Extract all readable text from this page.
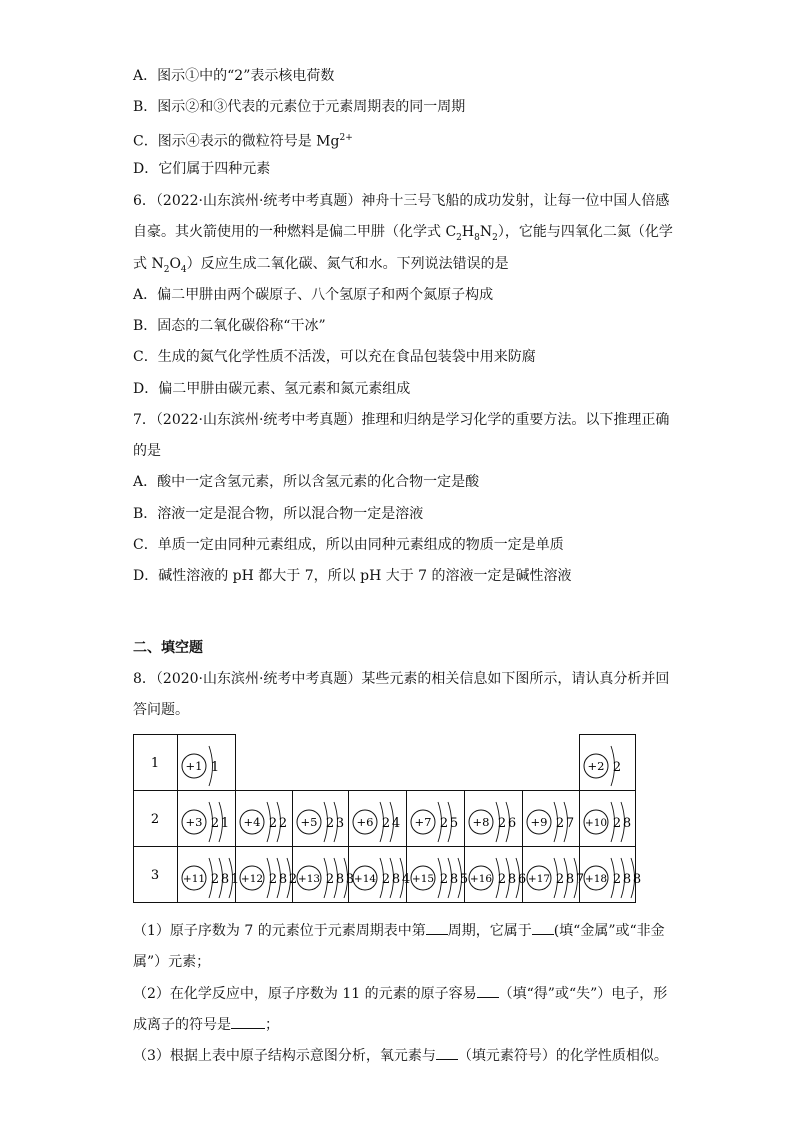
A．图示①中的“2”表示核电荷数
B．图示②和③代表的元素位于元素周期表的同一周期
C．图示④表示的微粒符号是 $Mg^{2+}$
D．它们属于四种元素
6．（2022·山东滨州·统考中考真题）神舟十三号飞船的成功发射，让每一位中国人倍感
自豪。其火箭使用的一种燃料是偏二甲肼（化学式 $C_2H_8N_2$），它能与四氧化二氮（化学
式 $N_2O_4$）反应生成二氧化碳、氮气和水。下列说法错误的是
A．偏二甲肼由两个碳原子、八个氢原子和两个氮原子构成
B．固态的二氧化碳俗称“干冰”
C．生成的氮气化学性质不活泼，可以充在食品包装袋中用来防腐
D．偏二甲肼由碳元素、氢元素和氮元素组成
7．（2022·山东滨州·统考中考真题）推理和归纳是学习化学的重要方法。以下推理正确
的是
A．酸中一定含氢元素，所以含氢元素的化合物一定是酸
B．溶液一定是混合物，所以混合物一定是溶液
C．单质一定由同种元素组成，所以由同种元素组成的物质一定是单质
D．碱性溶液的 pH 都大于 7，所以 pH 大于 7 的溶液一定是碱性溶液
二、填空题
8．（2020·山东滨州·统考中考真题）某些元素的相关信息如下图所示，请认真分析并回
答问题。
1 +1 1	+2 2
2 +3 2 1 +4 2 2 +5 2 3 +6 2 4 +7 2 5 +8 2 6 +9 2 7 +10 2 8
3 +11 2 8 1 +12 2 8 2 +13 2 8 3 +14 2 8 4 +15 2 8 5 +16 2 8 6 +17 2 8 7 +18 2 8 8
（1）原子序数为 7 的元素位于元素周期表中第 周期，它属于 (填“金属”或“非金
属”）元素；
（2）在化学反应中，原子序数为 11 的元素的原子容易 （填“得”或“失”）电子，形
成离子的符号是 ；
（3）根据上表中原子结构示意图分析，氧元素与 （填元素符号）的化学性质相似。
